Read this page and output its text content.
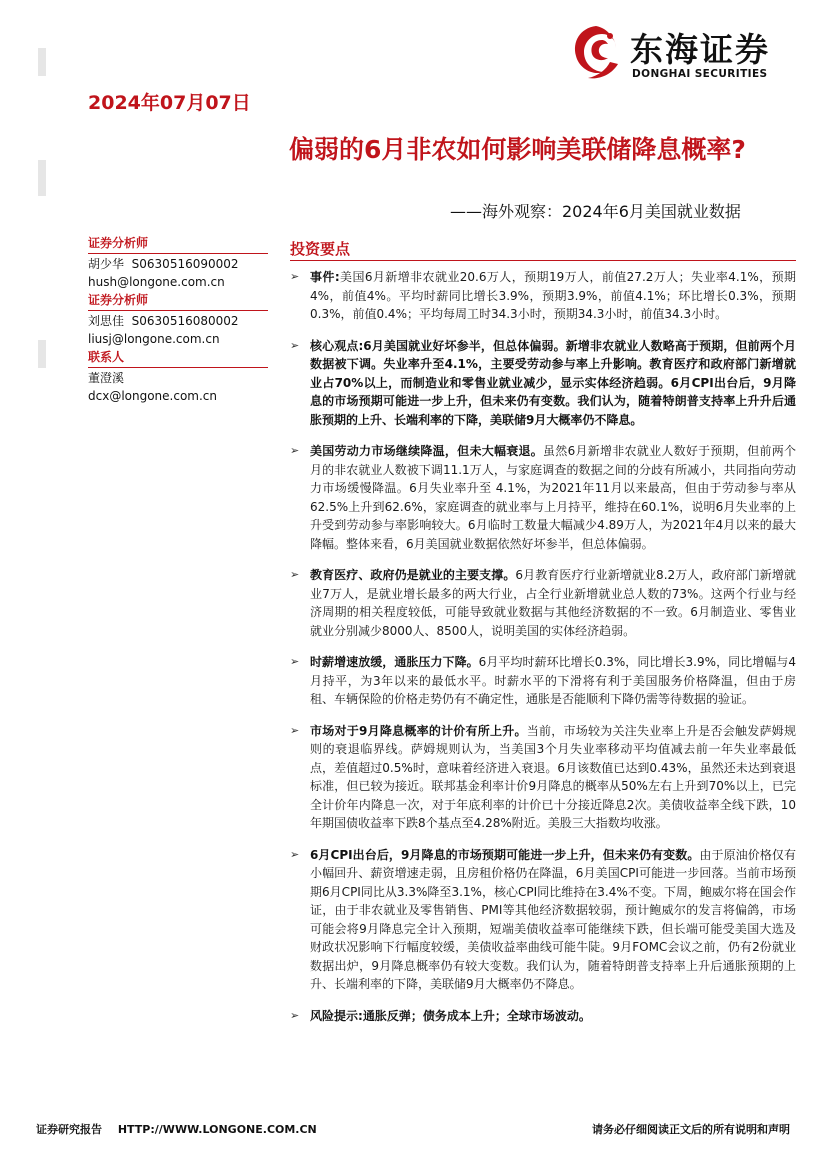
东海证券
DONGHAI SECURITIES
2024年07月07日
偏弱的6月非农如何影响美联储降息概率?
——海外观察：2024年6月美国就业数据
证券分析师
胡少华 S0630516090002
hush@longone.com.cn
证券分析师
刘思佳 S0630516080002
liusj@longone.com.cn
联系人
董澄溪
dcx@longone.com.cn
投资要点
➢ 事件:美国6月新增非农就业20.6万人，预期19万人，前值27.2万人；失业率4.1%，预期4%，前值4%。平均时薪同比增长3.9%，预期3.9%，前值4.1%；环比增长0.3%，预期0.3%，前值0.4%；平均每周工时34.3小时，预期34.3小时，前值34.3小时。
➢ 核心观点:6月美国就业好坏参半，但总体偏弱。新增非农就业人数略高于预期，但前两个月数据被下调。失业率升至4.1%，主要受劳动参与率上升影响。教育医疗和政府部门新增就业占70%以上，而制造业和零售业就业减少，显示实体经济趋弱。6月CPI出台后，9月降息的市场预期可能进一步上升，但未来仍有变数。我们认为，随着特朗普支持率上升升后通胀预期的上升、长端利率的下降，美联储9月大概率仍不降息。
➢ 美国劳动力市场继续降温，但未大幅衰退。虽然6月新增非农就业人数好于预期，但前两个月的非农就业人数被下调11.1万人，与家庭调查的数据之间的分歧有所减小，共同指向劳动力市场缓慢降温。6月失业率升至 4.1%，为2021年11月以来最高，但由于劳动参与率从62.5%上升到62.6%，家庭调查的就业率与上月持平，维持在60.1%，说明6月失业率的上升受到劳动参与率影响较大。6月临时工数量大幅减少4.89万人，为2021年4月以来的最大降幅。整体来看，6月美国就业数据依然好坏参半，但总体偏弱。
➢ 教育医疗、政府仍是就业的主要支撑。6月教育医疗行业新增就业8.2万人，政府部门新增就业7万人，是就业增长最多的两大行业，占全行业新增就业总人数的73%。这两个行业与经济周期的相关程度较低，可能导致就业数据与其他经济数据的不一致。6月制造业、零售业就业分别减少8000人、8500人，说明美国的实体经济趋弱。
➢ 时薪增速放缓，通胀压力下降。6月平均时薪环比增长0.3%，同比增长3.9%，同比增幅与4月持平，为3年以来的最低水平。时薪水平的下滑将有利于美国服务价格降温，但由于房租、车辆保险的价格走势仍有不确定性，通胀是否能顺利下降仍需等待数据的验证。
➢ 市场对于9月降息概率的计价有所上升。当前，市场较为关注失业率上升是否会触发萨姆规则的衰退临界线。萨姆规则认为，当美国3个月失业率移动平均值减去前一年失业率最低点，差值超过0.5%时，意味着经济进入衰退。6月该数值已达到0.43%，虽然还未达到衰退标准，但已较为接近。联邦基金利率计价9月降息的概率从50%左右上升到70%以上，已完全计价年内降息一次，对于年底利率的计价已十分接近降息2次。美债收益率全线下跌，10年期国债收益率下跌8个基点至4.28%附近。美股三大指数均收涨。
➢ 6月CPI出台后，9月降息的市场预期可能进一步上升，但未来仍有变数。由于原油价格仅有小幅回升、薪资增速走弱，且房租价格仍在降温，6月美国CPI可能进一步回落。当前市场预期6月CPI同比从3.3%降至3.1%，核心CPI同比维持在3.4%不变。下周，鲍威尔将在国会作证，由于非农就业及零售销售、PMI等其他经济数据较弱，预计鲍威尔的发言将偏鸽，市场可能会将9月降息完全计入预期，短端美债收益率可能继续下跌，但长端可能受美国大选及财政状况影响下行幅度较缓，美债收益率曲线可能牛陡。9月FOMC会议之前，仍有2份就业数据出炉，9月降息概率仍有较大变数。我们认为，随着特朗普支持率上升后通胀预期的上升、长端利率的下降，美联储9月大概率仍不降息。
➢ 风险提示:通胀反弹；债务成本上升；全球市场波动。
证券研究报告 HTTP://WWW.LONGONE.COM.CN	请务必仔细阅读正文后的所有说明和声明
